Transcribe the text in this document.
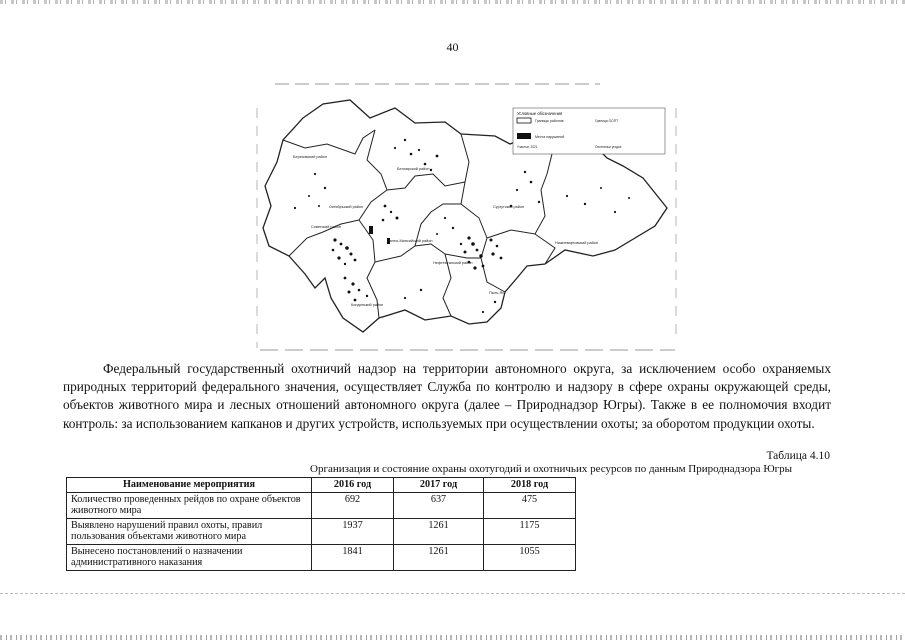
40
Березовский район
Белоярский район
Советский район
Ханты-Мансийский район
Нефтеюганский район
Сургутский район
Нижневартовский район
Кондинский район
Октябрьский район
Пыть-Ях
Условные обозначения
Границы районов
Места нарушений
Участки, 2021
Граница ООПТ
Охотничьи угодья

Федеральный государственный охотничий надзор на территории автономного округа, за исключением особо охраняемых природных территорий федерального значения, осуществляет Служба по контролю и надзору в сфере охраны окружающей среды, объектов животного мира и лесных отношений автономного округа (далее – Природнадзор Югры). Также в ее полномочия входит контроль: за использованием капканов и других устройств, используемых при осуществлении охоты; за оборотом продукции охоты.

Таблица 4.10
Организация и состояние охраны охотугодий и охотничьих ресурсов по данным Природнадзора Югры
Наименование мероприятия	2016 год	2017 год	2018 год
Количество проведенных рейдов по охране объектов животного мира	692	637	475
Выявлено нарушений правил охоты, правил пользования объектами животного мира	1937	1261	1175
Вынесено постановлений о назначении административного наказания	1841	1261	1055
